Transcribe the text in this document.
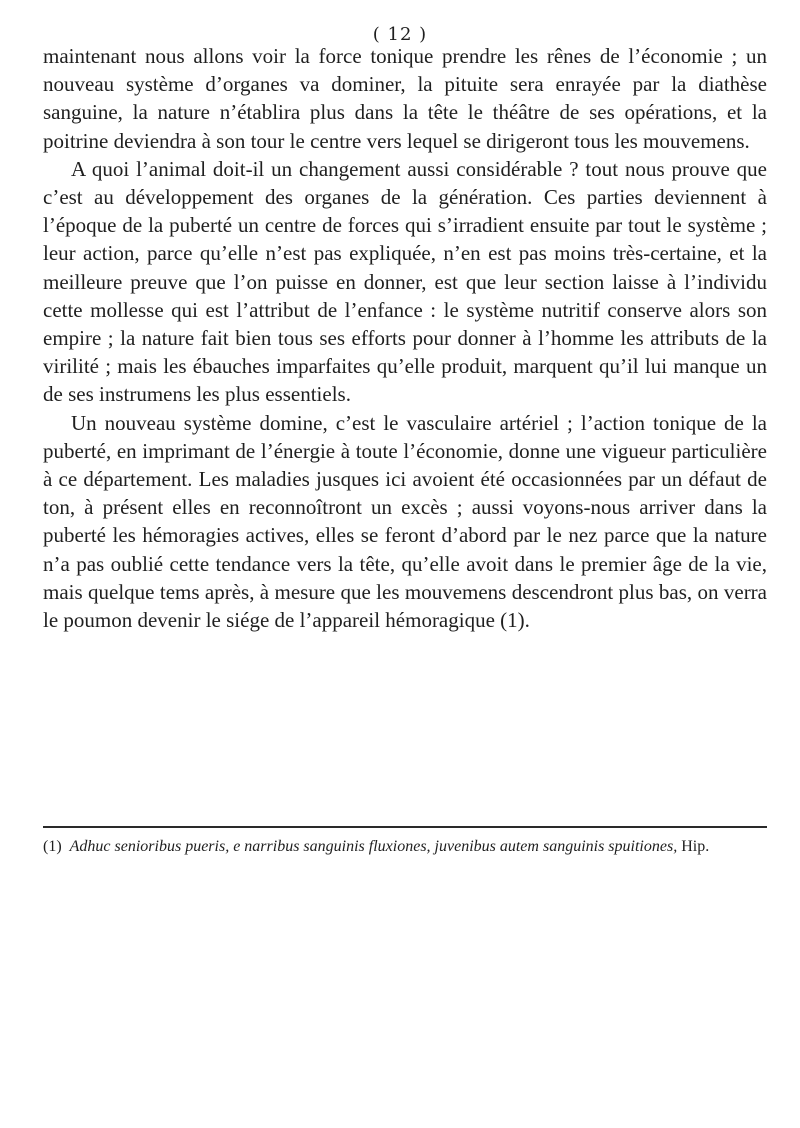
( 12 )

maintenant nous allons voir la force tonique prendre les rênes de l’économie ; un nouveau système d’organes va dominer, la pituite sera enrayée par la diathèse sanguine, la nature n’établira plus dans la tête le théâtre de ses opérations, et la poitrine deviendra à son tour le centre vers lequel se dirigeront tous les mouvemens.

A quoi l’animal doit-il un changement aussi considérable ? tout nous prouve que c’est au développement des organes de la génération. Ces parties deviennent à l’époque de la puberté un centre de forces qui s’irradient ensuite par tout le système ; leur action, parce qu’elle n’est pas expliquée, n’en est pas moins très-certaine, et la meilleure preuve que l’on puisse en donner, est que leur section laisse à l’individu cette mollesse qui est l’attribut de l’enfance : le système nutritif conserve alors son empire ; la nature fait bien tous ses efforts pour donner à l’homme les attributs de la virilité ; mais les ébauches imparfaites qu’elle produit, marquent qu’il lui manque un de ses instrumens les plus essentiels.

Un nouveau système domine, c’est le vasculaire artériel ; l’action tonique de la puberté, en imprimant de l’énergie à toute l’économie, donne une vigueur particulière à ce département. Les maladies jusques ici avoient été occasionnées par un défaut de ton, à présent elles en reconnoîtront un excès ; aussi voyons-nous arriver dans la puberté les hémoragies actives, elles se feront d’abord par le nez parce que la nature n’a pas oublié cette tendance vers la tête, qu’elle avoit dans le premier âge de la vie, mais quelque tems après, à mesure que les mouvemens descendront plus bas, on verra le poumon devenir le siége de l’appareil hémoragique (1).

(1) Adhuc senioribus pueris, e narribus sanguinis fluxiones, juvenibus autem sanguinis spuitiones, Hip.
